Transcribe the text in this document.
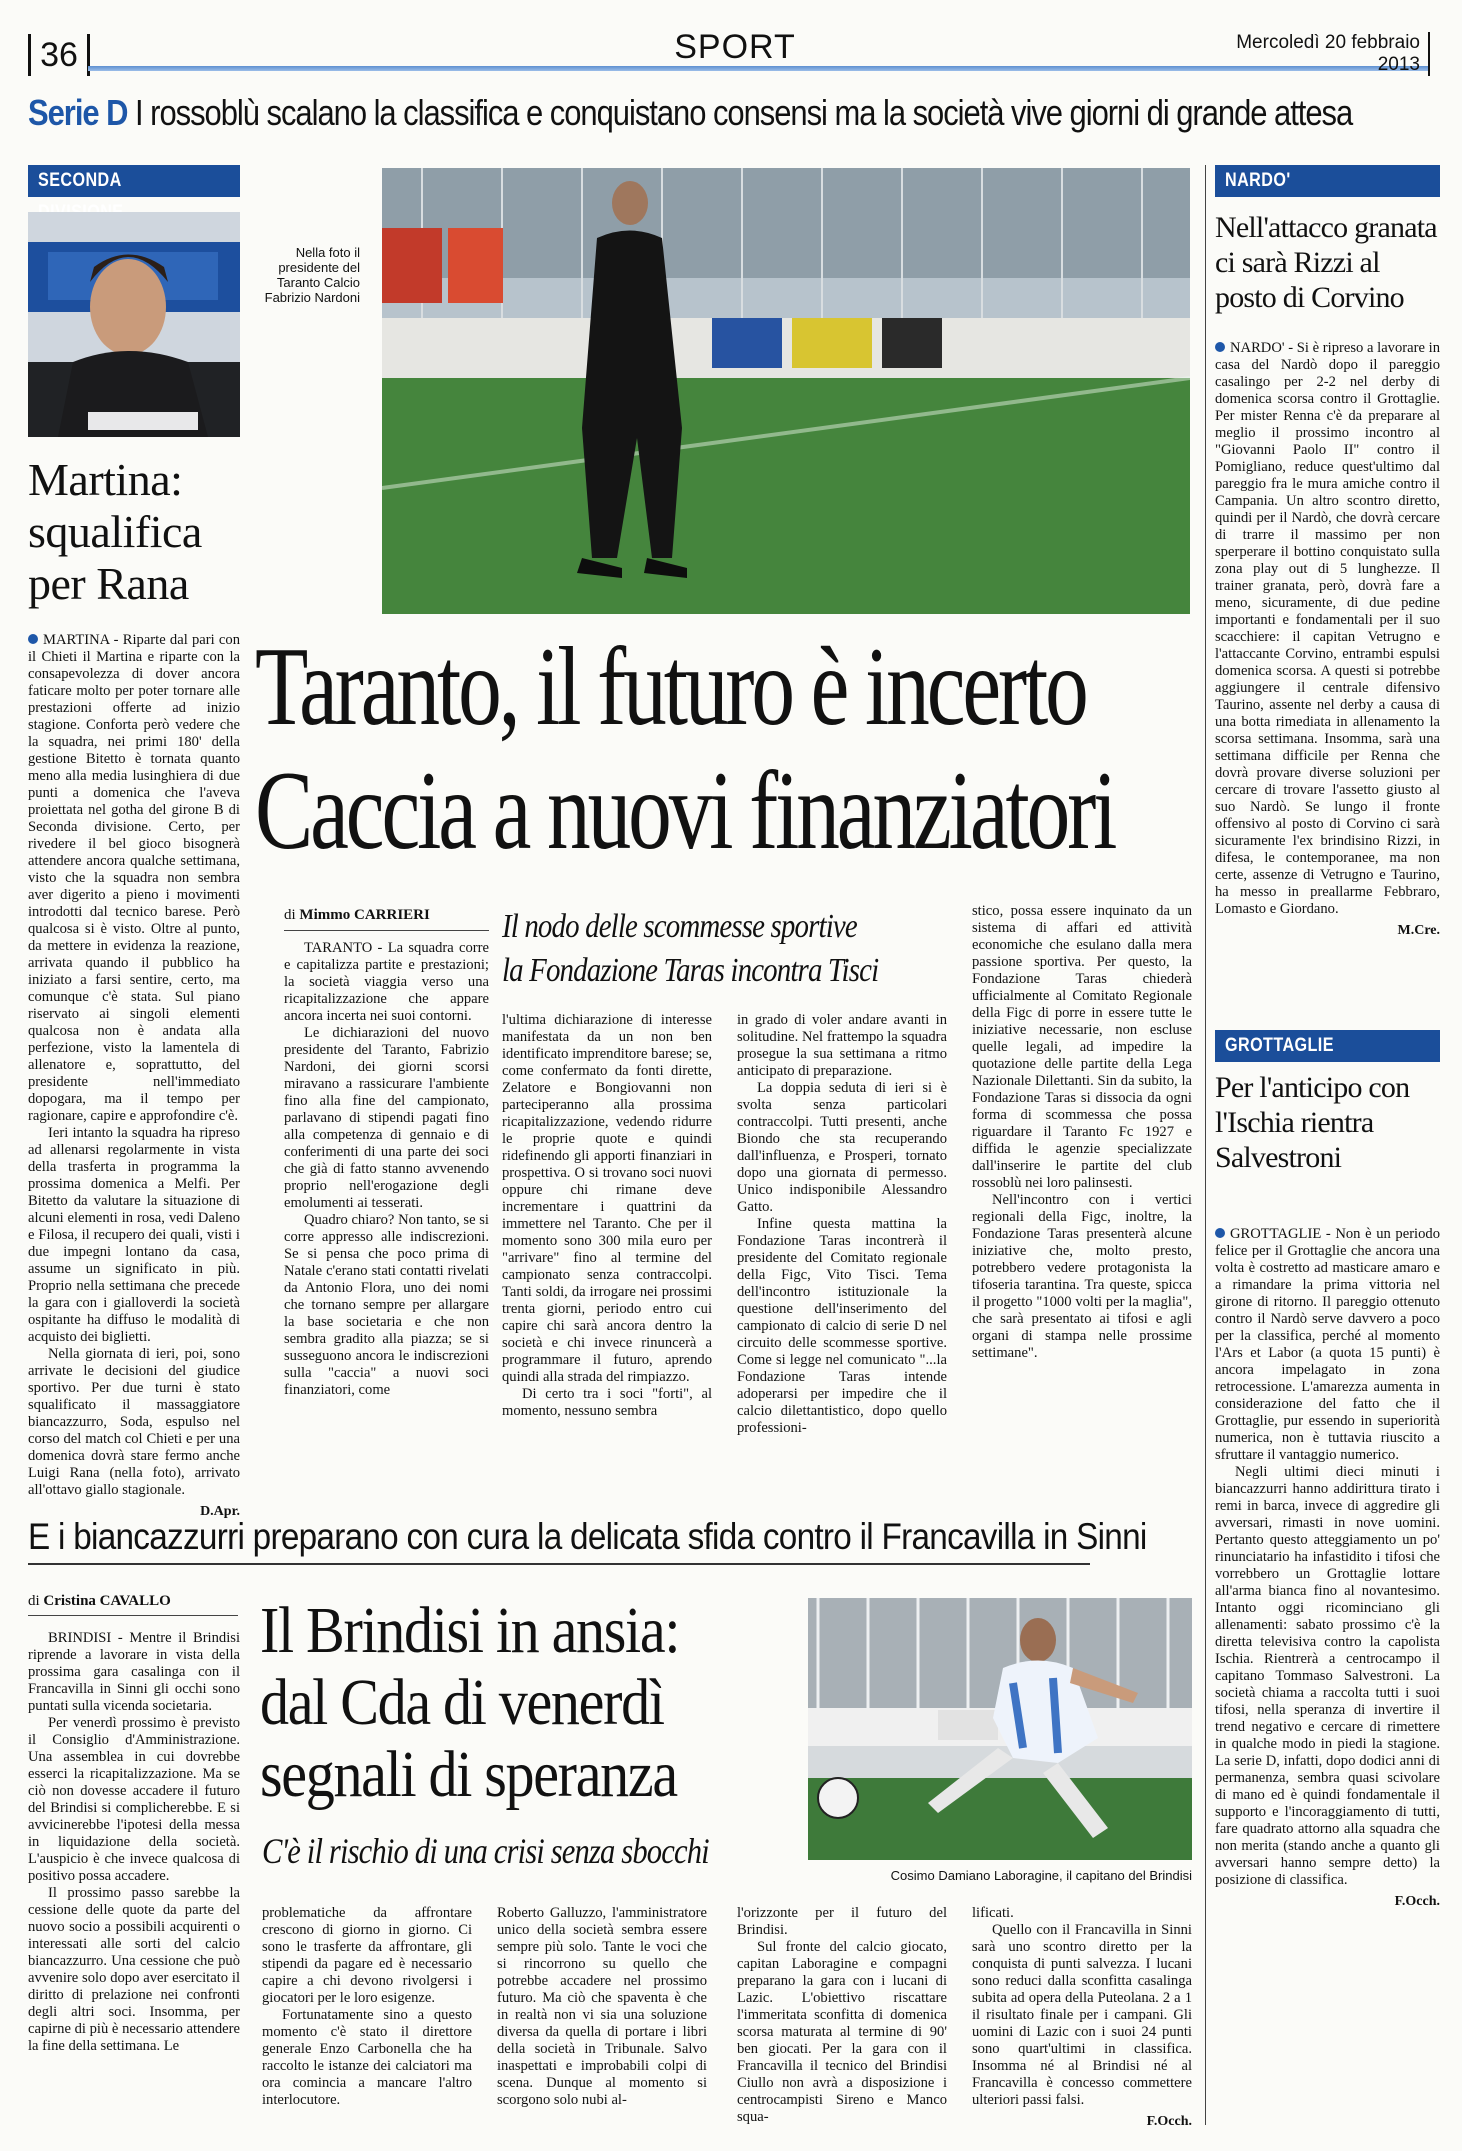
36	SPORT	Mercoledì 20 febbraio
2013
Serie D I rossoblù scalano la classifica e conquistano consensi ma la società vive giorni di grande attesa
SECONDA
Martina: squalifica per Rana

MARTINA - Riparte dal pari con il Chieti il Martina e riparte con la consapevolezza di dover ancora faticare molto per poter tornare alle prestazioni offerte ad inizio stagione. Conforta però vedere che la squadra, nei primi 180' della gestione Bitetto è tornata quanto meno alla media lusinghiera di due punti a domenica che l'aveva proiettata nel gotha del girone B di Seconda divisione. Certo, per rivedere il bel gioco bisognerà attendere ancora qualche settimana, visto che la squadra non sembra aver digerito a pieno i movimenti introdotti dal tecnico barese. Però qualcosa si è visto. Oltre al punto, da mettere in evidenza la reazione, arrivata quando il pubblico ha iniziato a farsi sentire, certo, ma comunque c'è stata. Sul piano riservato ai singoli elementi qualcosa non è andata alla perfezione, visto la lamentela di allenatore e, soprattutto, del presidente nell'immediato dopogara, ma il tempo per ragionare, capire e approfondire c'è.

Ieri intanto la squadra ha ripreso ad allenarsi regolarmente in vista della trasferta in programma la prossima domenica a Melfi. Per Bitetto da valutare la situazione di alcuni elementi in rosa, vedi Daleno e Filosa, il recupero dei quali, visti i due impegni lontano da casa, assume un significato in più. Proprio nella settimana che precede la gara con i gialloverdi la società ospitante ha diffuso le modalità di acquisto dei biglietti.

Nella giornata di ieri, poi, sono arrivate le decisioni del giudice sportivo. Per due turni è stato squalificato il massaggiatore biancazzurro, Soda, espulso nel corso del match col Chieti e per una domenica dovrà stare fermo anche Luigi Rana (nella foto), arrivato all'ottavo giallo stagionale.

D.Apr.
Nella foto il presidente del Taranto Calcio Fabrizio Nardoni
Taranto, il futuro è incerto
Caccia a nuovi finanziatori
di Mimmo CARRIERI Il nodo delle scommesse sportive
la Fondazione Taras incontra Tisci

TARANTO - La squadra corre e capitalizza partite e prestazioni; la società viaggia verso una ricapitalizzazione che appare ancora incerta nei suoi contorni.

Le dichiarazioni del nuovo presidente del Taranto, Fabrizio Nardoni, dei giorni scorsi miravano a rassicurare l'ambiente fino alla fine del campionato, parlavano di stipendi pagati fino alla competenza di gennaio e di conferimenti di una parte dei soci che già di fatto stanno avvenendo proprio nell'erogazione degli emolumenti ai tesserati.

Quadro chiaro? Non tanto, se si corre appresso alle indiscrezioni. Se si pensa che poco prima di Natale c'erano stati contatti rivelati da Antonio Flora, uno dei nomi che tornano sempre per allargare la base societaria e che non sembra gradito alla piazza; se si susseguono ancora le indiscrezioni sulla "caccia" a nuovi soci finanziatori, come

l'ultima dichiarazione di interesse manifestata da un non ben identificato imprenditore barese; se, come confermato da fonti dirette, Zelatore e Bongiovanni non parteciperanno alla prossima ricapitalizzazione, vedendo ridurre le proprie quote e quindi ridefinendo gli apporti finanziari in prospettiva. O si trovano soci nuovi oppure chi rimane deve incrementare i quattrini da immettere nel Taranto. Che per il momento sono 300 mila euro per "arrivare" fino al termine del campionato senza contraccolpi. Tanti soldi, da irrogare nei prossimi trenta giorni, periodo entro cui capire chi sarà ancora dentro la società e chi invece rinuncerà a programmare il futuro, aprendo quindi alla strada del rimpiazzo.

Di certo tra i soci "forti", al momento, nessuno sembra

in grado di voler andare avanti in solitudine. Nel frattempo la squadra prosegue la sua settimana a ritmo anticipato di preparazione.

La doppia seduta di ieri si è svolta senza particolari contraccolpi. Tutti presenti, anche Biondo che sta recuperando dall'influenza, e Prosperi, tornato dopo una giornata di permesso. Unico indisponibile Alessandro Gatto.

Infine questa mattina la Fondazione Taras incontrerà il presidente del Comitato regionale della Figc, Vito Tisci. Tema dell'incontro istituzionale la questione dell'inserimento del campionato di calcio di serie D nel circuito delle scommesse sportive. Come si legge nel comunicato "...la Fondazione Taras intende adoperarsi per impedire che il calcio dilettantistico, dopo quello professioni-

stico, possa essere inquinato da un sistema di affari ed attività economiche che esulano dalla mera passione sportiva. Per questo, la Fondazione Taras chiederà ufficialmente al Comitato Regionale della Figc di porre in essere tutte le iniziative necessarie, non escluse quelle legali, ad impedire la quotazione delle partite della Lega Nazionale Dilettanti. Sin da subito, la Fondazione Taras si dissocia da ogni forma di scommessa che possa riguardare il Taranto Fc 1927 e diffida le agenzie specializzate dall'inserire le partite del club rossoblù nei loro palinsesti.

Nell'incontro con i vertici regionali della Figc, inoltre, la Fondazione Taras presenterà alcune iniziative che, molto presto, potrebbero vedere protagonista la tifoseria tarantina. Tra queste, spicca il progetto "1000 volti per la maglia", che sarà presentato ai tifosi e agli organi di stampa nelle prossime settimane".

NARDO'
Nell'attacco granata ci sarà Rizzi al posto di Corvino

NARDO' - Si è ripreso a lavorare in casa del Nardò dopo il pareggio casalingo per 2-2 nel derby di domenica scorsa contro il Grottaglie. Per mister Renna c'è da preparare al meglio il prossimo incontro al "Giovanni Paolo II" contro il Pomigliano, reduce quest'ultimo dal pareggio fra le mura amiche contro il Campania. Un altro scontro diretto, quindi per il Nardò, che dovrà cercare di trarre il massimo per non sperperare il bottino conquistato sulla zona play out di 5 lunghezze. Il trainer granata, però, dovrà fare a meno, sicuramente, di due pedine importanti e fondamentali per il suo scacchiere: il capitan Vetrugno e l'attaccante Corvino, entrambi espulsi domenica scorsa. A questi si potrebbe aggiungere il centrale difensivo Taurino, assente nel derby a causa di una botta rimediata in allenamento la scorsa settimana. Insomma, sarà una settimana difficile per Renna che dovrà provare diverse soluzioni per cercare di trovare l'assetto giusto al suo Nardò. Se lungo il fronte offensivo al posto di Corvino ci sarà sicuramente l'ex brindisino Rizzi, in difesa, le contemporanee, ma non certe, assenze di Vetrugno e Taurino, ha messo in preallarme Febbraro, Lomasto e Giordano.

M.Cre.
GROTTAGLIE
Per l'anticipo con l'Ischia rientra Salvestroni

GROTTAGLIE - Non è un periodo felice per il Grottaglie che ancora una volta è costretto ad masticare amaro e a rimandare la prima vittoria nel girone di ritorno. Il pareggio ottenuto contro il Nardò serve davvero a poco per la classifica, perché al momento l'Ars et Labor (a quota 15 punti) è ancora impelagato in zona retrocessione. L'amarezza aumenta in considerazione del fatto che il Grottaglie, pur essendo in superiorità numerica, non è tuttavia riuscito a sfruttare il vantaggio numerico.

Negli ultimi dieci minuti i biancazzurri hanno addirittura tirato i remi in barca, invece di aggredire gli avversari, rimasti in nove uomini. Pertanto questo atteggiamento un po' rinunciatario ha infastidito i tifosi che vorrebbero un Grottaglie lottare all'arma bianca fino al novantesimo. Intanto oggi ricominciano gli allenamenti: sabato prossimo c'è la diretta televisiva contro la capolista Ischia. Rientrerà a centrocampo il capitano Tommaso Salvestroni. La società chiama a raccolta tutti i suoi tifosi, nella speranza di invertire il trend negativo e cercare di rimettere in qualche modo in piedi la stagione. La serie D, infatti, dopo dodici anni di permanenza, sembra quasi scivolare di mano ed è quindi fondamentale il supporto e l'incoraggiamento di tutti, fare quadrato attorno alla squadra che non merita (stando anche a quanto gli avversari hanno sempre detto) la posizione di classifica.

F.Occh.
E i biancazzurri preparano con cura la delicata sfida contro il Francavilla in Sinni
di Cristina CAVALLO Il Brindisi in ansia:
dal Cda di venerdì
segnali di speranza
C'è il rischio di una crisi senza sbocchi
Cosimo Damiano Laboragine, il capitano del Brindisi

BRINDISI - Mentre il Brindisi riprende a lavorare in vista della prossima gara casalinga con il Francavilla in Sinni gli occhi sono puntati sulla vicenda societaria.

Per venerdì prossimo è previsto il Consiglio d'Amministrazione. Una assemblea in cui dovrebbe esserci la ricapitalizzazione. Ma se ciò non dovesse accadere il futuro del Brindisi si complicherebbe. E si avvicinerebbe l'ipotesi della messa in liquidazione della società. L'auspicio è che invece qualcosa di positivo possa accadere.

Il prossimo passo sarebbe la cessione delle quote da parte del nuovo socio a possibili acquirenti o interessati alle sorti del calcio biancazzurro. Una cessione che può avvenire solo dopo aver esercitato il diritto di prelazione nei confronti degli altri soci. Insomma, per capirne di più è necessario attendere la fine della settimana. Le

problematiche da affrontare crescono di giorno in giorno. Ci sono le trasferte da affrontare, gli stipendi da pagare ed è necessario capire a chi devono rivolgersi i giocatori per le loro esigenze.

Fortunatamente sino a questo momento c'è stato il direttore generale Enzo Carbonella che ha raccolto le istanze dei calciatori ma ora comincia a mancare l'altro interlocutore.

Roberto Galluzzo, l'amministratore unico della società sembra essere sempre più solo. Tante le voci che si rincorrono su quello che potrebbe accadere nel prossimo futuro. Ma ciò che spaventa è che in realtà non vi sia una soluzione diversa da quella di portare i libri della società in Tribunale. Salvo inaspettati e improbabili colpi di scena. Dunque al momento si scorgono solo nubi al-

l'orizzonte per il futuro del Brindisi.

Sul fronte del calcio giocato, capitan Laboragine e compagni preparano la gara con i lucani di Lazic. L'obiettivo riscattare l'immeritata sconfitta di domenica scorsa maturata al termine di 90' ben giocati. Per la gara con il Francavilla il tecnico del Brindisi Ciullo non avrà a disposizione i centrocampisti Sireno e Manco squa-

lificati.

Quello con il Francavilla in Sinni sarà uno scontro diretto per la conquista di punti salvezza. I lucani sono reduci dalla sconfitta casalinga subita ad opera della Puteolana. 2 a 1 il risultato finale per i campani. Gli uomini di Lazic con i suoi 24 punti sono quart'ultimi in classifica. Insomma né al Brindisi né al Francavilla è concesso commettere ulteriori passi falsi.

F.Occh.
